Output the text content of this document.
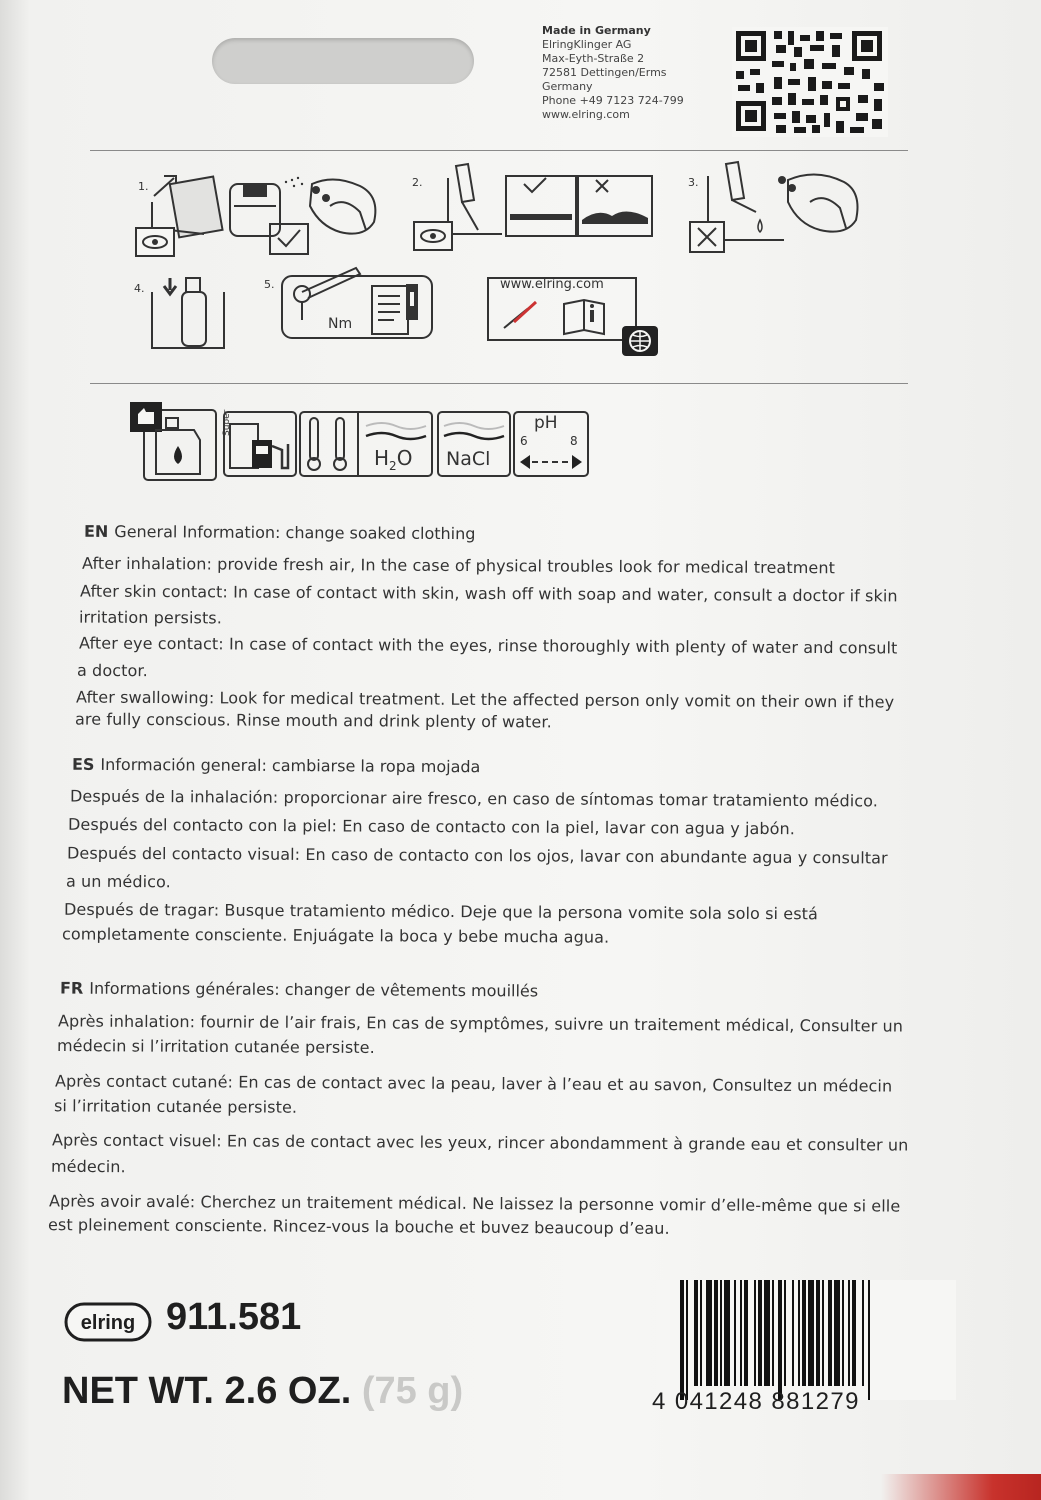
Made in Germany
ElringKlinger AG
Max-Eyth-Straße 2
72581 Dettingen/Erms
Germany
Phone +49 7123 724-799
www.elring.com
1.	2.	3.
4.	5.
Nm
www.elring.com
Super
$H_2O$ NaCl
pH
6	8
EN General Information: change soaked clothing
After inhalation: provide fresh air, In the case of physical troubles look for medical treatment
After skin contact: In case of contact with skin, wash off with soap and water, consult a doctor if skin
irritation persists.
After eye contact: In case of contact with the eyes, rinse thoroughly with plenty of water and consult
a doctor.
After swallowing: Look for medical treatment. Let the affected person only vomit on their own if they
are fully conscious. Rinse mouth and drink plenty of water.
ES Información general: cambiarse la ropa mojada
Después de la inhalación: proporcionar aire fresco, en caso de síntomas tomar tratamiento médico.
Después del contacto con la piel: En caso de contacto con la piel, lavar con agua y jabón.
Después del contacto visual: En caso de contacto con los ojos, lavar con abundante agua y consultar
a un médico.
Después de tragar: Busque tratamiento médico. Deje que la persona vomite sola solo si está
completamente consciente. Enjuágate la boca y bebe mucha agua.
FR Informations générales: changer de vêtements mouillés
Après inhalation: fournir de l’air frais, En cas de symptômes, suivre un traitement médical, Consulter un
médecin si l’irritation cutanée persiste.
Après contact cutané: En cas de contact avec la peau, laver à l’eau et au savon, Consultez un médecin
si l’irritation cutanée persiste.
Après contact visuel: En cas de contact avec les yeux, rincer abondamment à grande eau et consulter un
médecin.
Après avoir avalé: Cherchez un traitement médical. Ne laissez la personne vomir d’elle-même que si elle
est pleinement consciente. Rincez-vous la bouche et buvez beaucoup d’eau.
elring 911.581
NET WT. 2.6 OZ. (75 g)	4 041248 881279
